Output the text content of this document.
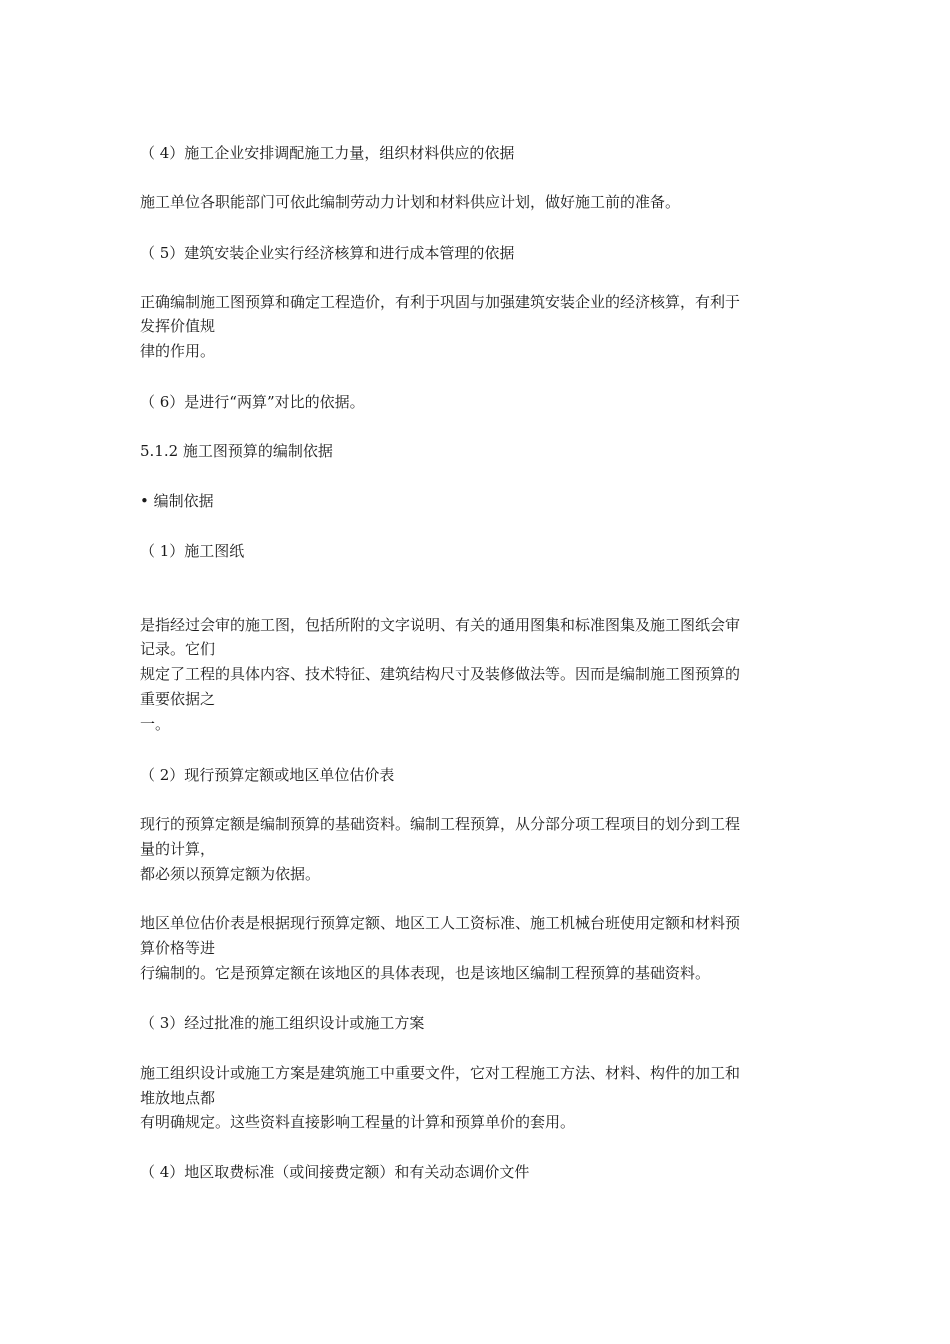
（ 4）施工企业安排调配施工力量，组织材料供应的依据
施工单位各职能部门可依此编制劳动力计划和材料供应计划，做好施工前的准备。
（ 5）建筑安装企业实行经济核算和进行成本管理的依据
正确编制施工图预算和确定工程造价，有利于巩固与加强建筑安装企业的经济核算，有利于
发挥价值规
律的作用。
（ 6）是进行“两算”对比的依据。
5.1.2 施工图预算的编制依据
• 编制依据
（ 1）施工图纸
是指经过会审的施工图，包括所附的文字说明、有关的通用图集和标准图集及施工图纸会审
记录。它们
规定了工程的具体内容、技术特征、建筑结构尺寸及装修做法等。因而是编制施工图预算的
重要依据之
一。
（ 2）现行预算定额或地区单位估价表
现行的预算定额是编制预算的基础资料。编制工程预算，从分部分项工程项目的划分到工程
量的计算，
都必须以预算定额为依据。
地区单位估价表是根据现行预算定额、地区工人工资标准、施工机械台班使用定额和材料预
算价格等进
行编制的。它是预算定额在该地区的具体表现，也是该地区编制工程预算的基础资料。
（ 3）经过批准的施工组织设计或施工方案
施工组织设计或施工方案是建筑施工中重要文件，它对工程施工方法、材料、构件的加工和
堆放地点都
有明确规定。这些资料直接影响工程量的计算和预算单价的套用。
（ 4）地区取费标准（或间接费定额）和有关动态调价文件
